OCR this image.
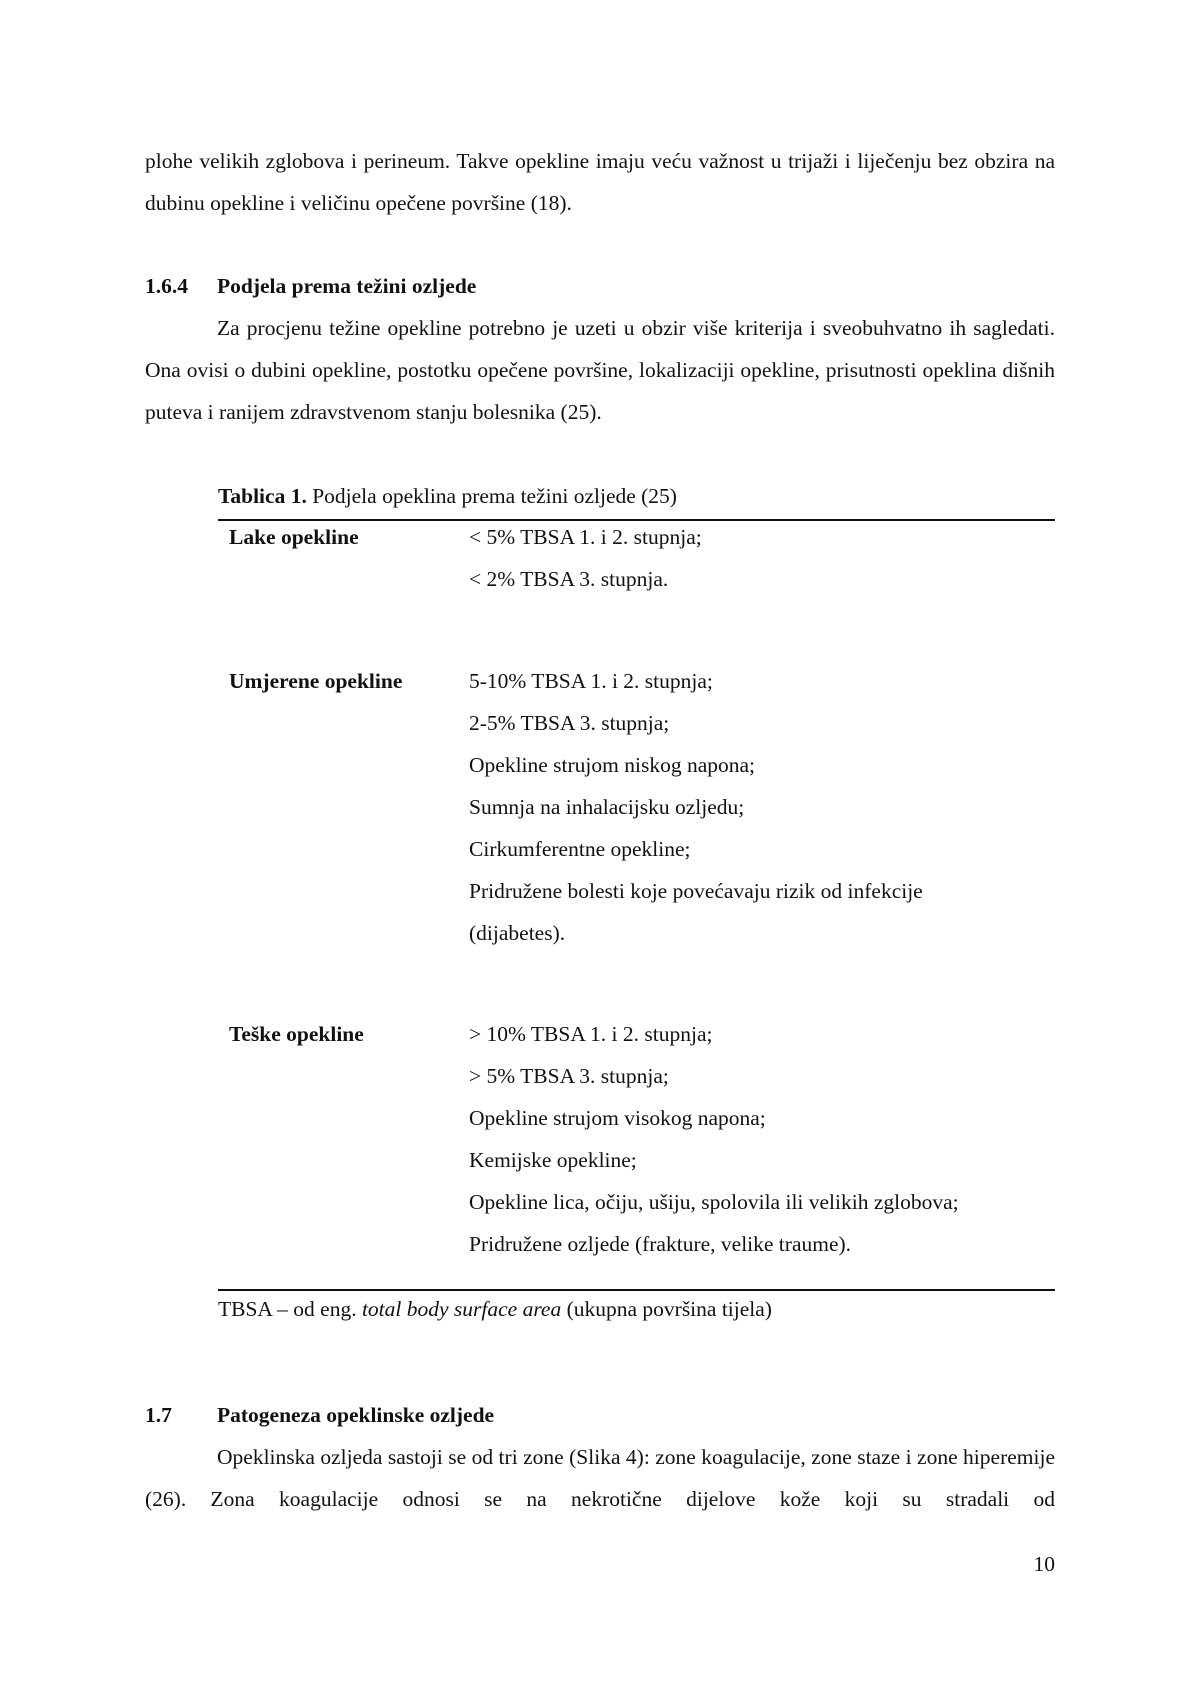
plohe velikih zglobova i perineum. Takve opekline imaju veću važnost u trijaži i liječenju bez obzira na dubinu opekline i veličinu opečene površine (18).

1.6.4 Podjela prema težini ozljede

Za procjenu težine opekline potrebno je uzeti u obzir više kriterija i sveobuhvatno ih sagledati. Ona ovisi o dubini opekline, postotku opečene površine, lokalizaciji opekline, prisutnosti opeklina dišnih puteva i ranijem zdravstvenom stanju bolesnika (25).

Tablica 1. Podjela opeklina prema težini ozljede (25)
Lake opekline	< 5% TBSA 1. i 2. stupnja;
< 2% TBSA 3. stupnja.
Umjerene opekline	5-10% TBSA 1. i 2. stupnja;
2-5% TBSA 3. stupnja;
Opekline strujom niskog napona;
Sumnja na inhalacijsku ozljedu;
Cirkumferentne opekline;
Pridružene bolesti koje povećavaju rizik od infekcije
(dijabetes).
Teške opekline	> 10% TBSA 1. i 2. stupnja;
> 5% TBSA 3. stupnja;
Opekline strujom visokog napona;
Kemijske opekline;
Opekline lica, očiju, ušiju, spolovila ili velikih zglobova;
Pridružene ozljede (frakture, velike traume).
TBSA – od eng. total body surface area (ukupna površina tijela)
1.7 Patogeneza opeklinske ozljede

Opeklinska ozljeda sastoji se od tri zone (Slika 4): zone koagulacije, zone staze i zone hiperemije (26). Zona koagulacije odnosi se na nekrotične dijelove kože koji su stradali od

10
